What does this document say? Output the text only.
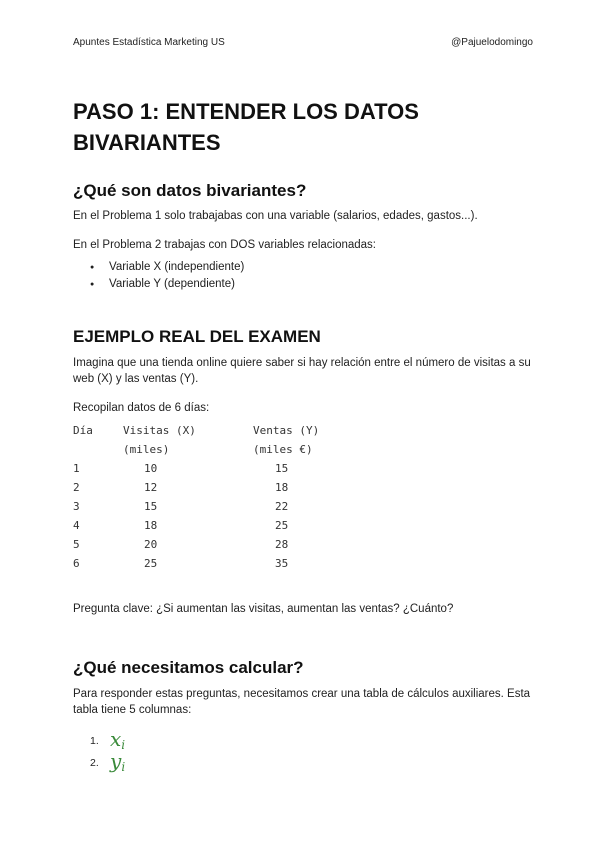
Apuntes Estadística Marketing US	@Pajuelodomingo
PASO 1: ENTENDER LOS DATOS BIVARIANTES
¿Qué son datos bivariantes?

En el Problema 1 solo trabajabas con una variable (salarios, edades, gastos...).

En el Problema 2 trabajas con DOS variables relacionadas:

● Variable X (independiente)
● Variable Y (dependiente)
EJEMPLO REAL DEL EXAMEN

Imagina que una tienda online quiere saber si hay relación entre el número de visitas a su web (X) y las ventas (Y).

Recopilan datos de 6 días:

Día	Visitas (X)	Ventas (Y)
	(miles)	(miles €)
1	10	15
2	12	18
3	15	22
4	18	25
5	20	28
6	25	35

Pregunta clave: ¿Si aumentan las visitas, aumentan las ventas? ¿Cuánto?

¿Qué necesitamos calcular?

Para responder estas preguntas, necesitamos crear una tabla de cálculos auxiliares. Esta tabla tiene 5 columnas:

1. $x_i$
2. $y_i$
